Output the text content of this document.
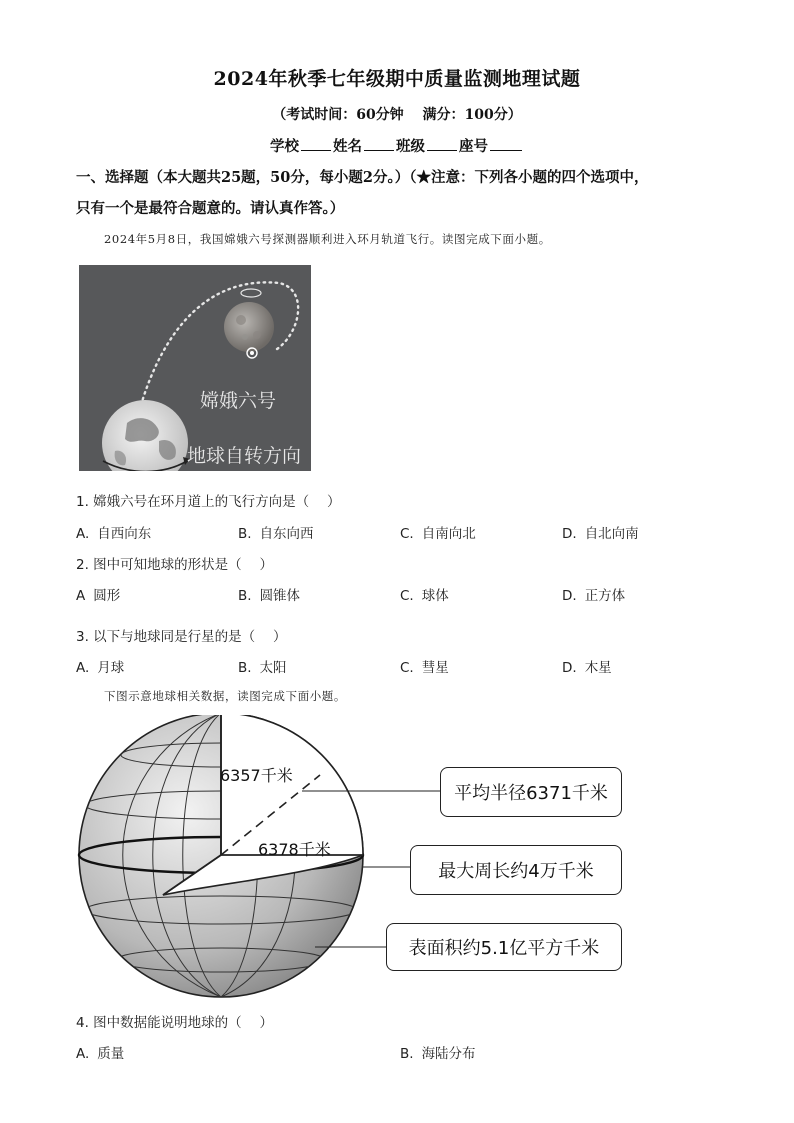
2024年秋季七年级期中质量监测地理试题
（考试时间：60分钟　 满分：100分）
学校 姓名 班级 座号
一、选择题（本大题共25题，50分，每小题2分。）（★注意：下列各小题的四个选项中，
只有一个是最符合题意的。请认真作答。）
2024年5月8日，我国嫦娥六号探测器顺利进入环月轨道飞行。读图完成下面小题。
嫦娥六号
地球自转方向
1. 嫦娥六号在环月道上的飞行方向是（　 ）
A. 自西向东	B. 自东向西	C. 自南向北	D. 自北向南
2. 图中可知地球的形状是（　 ）
A 圆形	B. 圆锥体	C. 球体	D. 正方体
3. 以下与地球同是行星的是（　 ）
A. 月球	B. 太阳	C. 彗星	D. 木星
下图示意地球相关数据，读图完成下面小题。
6357千米
6378千米
平均半径6371千米
最大周长约4万千米
表面积约5.1亿平方千米
4. 图中数据能说明地球的（　 ）
A. 质量	B. 海陆分布
